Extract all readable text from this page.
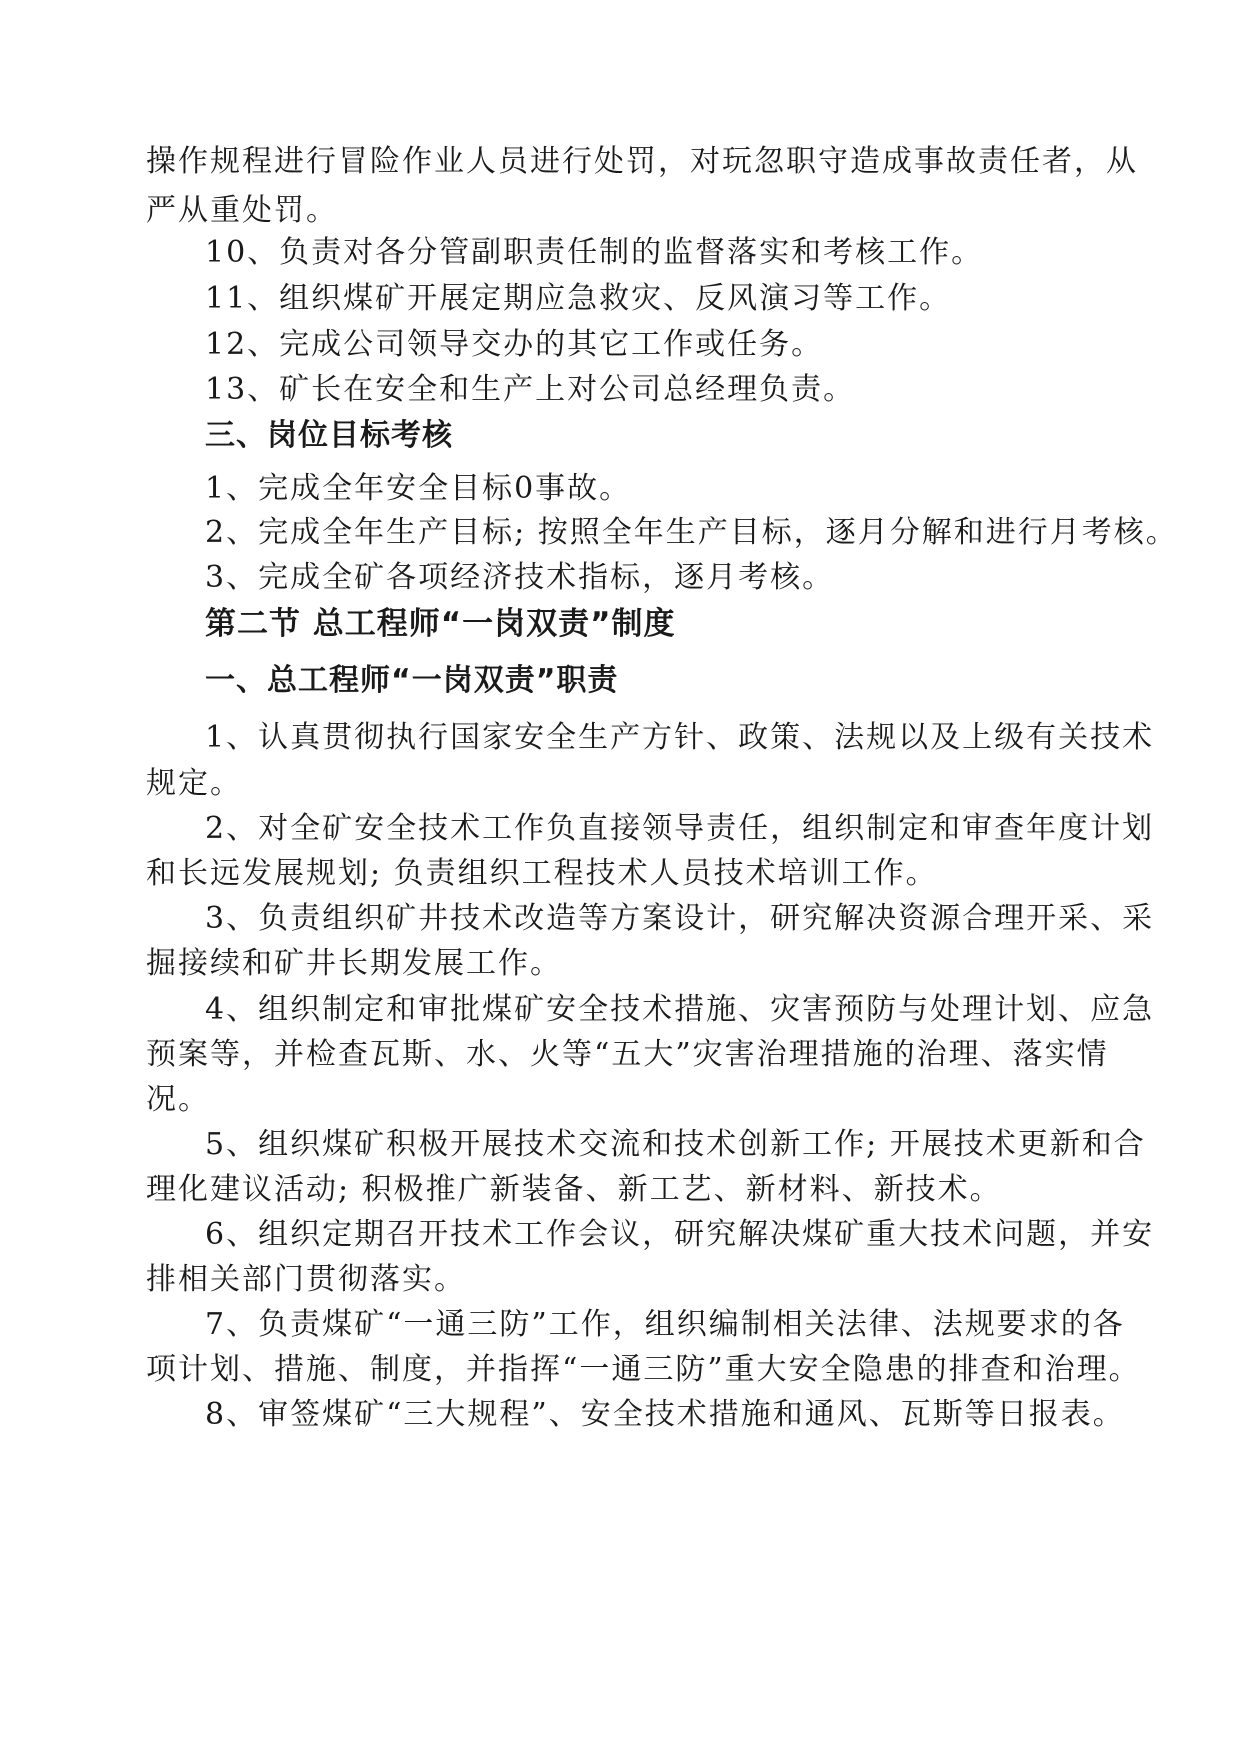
操作规程进行冒险作业人员进行处罚，对玩忽职守造成事故责任者，从
严从重处罚。
10、负责对各分管副职责任制的监督落实和考核工作。
11、组织煤矿开展定期应急救灾、反风演习等工作。
12、完成公司领导交办的其它工作或任务。
13、矿长在安全和生产上对公司总经理负责。
三、岗位目标考核
1、完成全年安全目标0事故。
2、完成全年生产目标; 按照全年生产目标，逐月分解和进行月考核。
3、完成全矿各项经济技术指标，逐月考核。
第二节 总工程师“一岗双责”制度
一、总工程师“一岗双责”职责
1、认真贯彻执行国家安全生产方针、政策、法规以及上级有关技术
规定。
2、对全矿安全技术工作负直接领导责任，组织制定和审查年度计划
和长远发展规划; 负责组织工程技术人员技术培训工作。
3、负责组织矿井技术改造等方案设计，研究解决资源合理开采、采
掘接续和矿井长期发展工作。
4、组织制定和审批煤矿安全技术措施、灾害预防与处理计划、应急
预案等，并检查瓦斯、水、火等“五大”灾害治理措施的治理、落实情
况。
5、组织煤矿积极开展技术交流和技术创新工作; 开展技术更新和合
理化建议活动; 积极推广新装备、新工艺、新材料、新技术。
6、组织定期召开技术工作会议，研究解决煤矿重大技术问题，并安
排相关部门贯彻落实。
7、负责煤矿“一通三防”工作，组织编制相关法律、法规要求的各
项计划、措施、制度，并指挥“一通三防”重大安全隐患的排查和治理。
8、审签煤矿“三大规程”、安全技术措施和通风、瓦斯等日报表。
